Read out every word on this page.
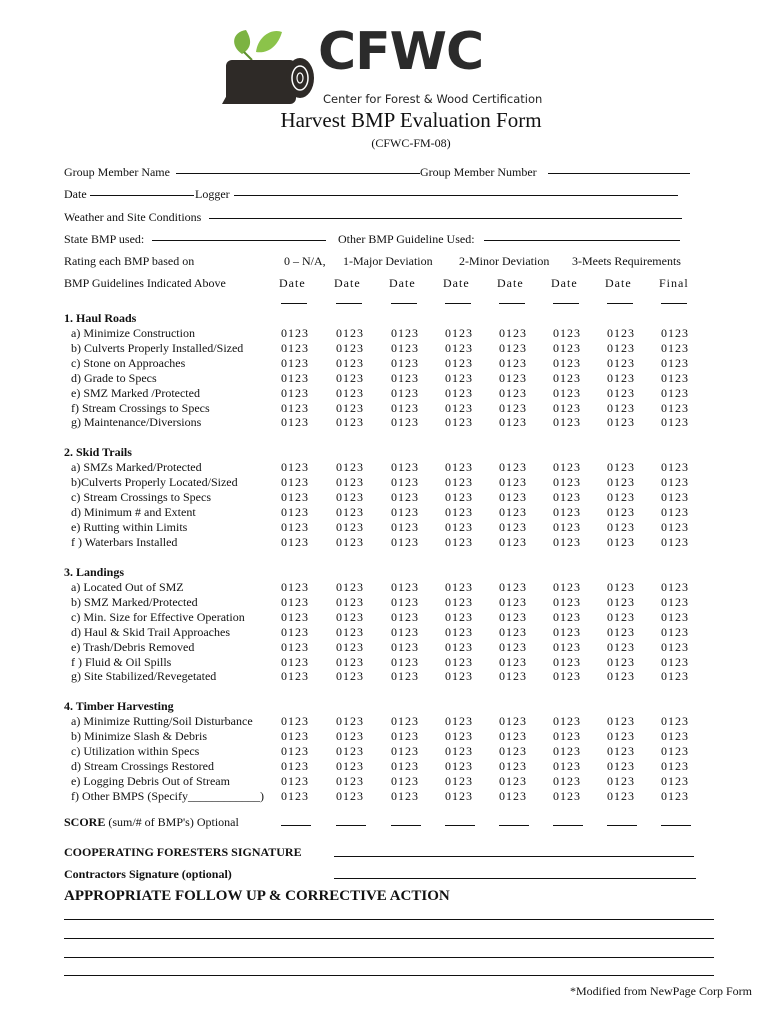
CFWC
Center for Forest & Wood Certification
Harvest BMP Evaluation Form
(CFWC-FM-08)
Group Member Name	Group Member Number
Date	Logger
Weather and Site Conditions
State BMP used:	Other BMP Guideline Used:
Rating each BMP based on	0 – N/A, 1-Major Deviation 2-Minor Deviation 3-Meets Requirements
BMP Guidelines Indicated Above	Date Date Date Date Date Date Date Final
1. Haul Roads
a) Minimize Construction	0123 0123 0123 0123 0123 0123 0123 0123
b) Culverts Properly Installed/Sized	0123 0123 0123 0123 0123 0123 0123 0123
c) Stone on Approaches	0123 0123 0123 0123 0123 0123 0123 0123
d) Grade to Specs	0123 0123 0123 0123 0123 0123 0123 0123
e) SMZ Marked /Protected	0123 0123 0123 0123 0123 0123 0123 0123
f) Stream Crossings to Specs	0123 0123 0123 0123 0123 0123 0123 0123
g) Maintenance/Diversions	0123 0123 0123 0123 0123 0123 0123 0123
2. Skid Trails
a) SMZs Marked/Protected	0123 0123 0123 0123 0123 0123 0123 0123
b)Culverts Properly Located/Sized	0123 0123 0123 0123 0123 0123 0123 0123
c) Stream Crossings to Specs	0123 0123 0123 0123 0123 0123 0123 0123
d) Minimum # and Extent	0123 0123 0123 0123 0123 0123 0123 0123
e) Rutting within Limits	0123 0123 0123 0123 0123 0123 0123 0123
f ) Waterbars Installed	0123 0123 0123 0123 0123 0123 0123 0123
3. Landings
a) Located Out of SMZ	0123 0123 0123 0123 0123 0123 0123 0123
b) SMZ Marked/Protected	0123 0123 0123 0123 0123 0123 0123 0123
c) Min. Size for Effective Operation	0123 0123 0123 0123 0123 0123 0123 0123
d) Haul & Skid Trail Approaches	0123 0123 0123 0123 0123 0123 0123 0123
e) Trash/Debris Removed	0123 0123 0123 0123 0123 0123 0123 0123
f ) Fluid & Oil Spills	0123 0123 0123 0123 0123 0123 0123 0123
g) Site Stabilized/Revegetated	0123 0123 0123 0123 0123 0123 0123 0123
4. Timber Harvesting
a) Minimize Rutting/Soil Disturbance 0123 0123 0123 0123 0123 0123 0123 0123
b) Minimize Slash & Debris	0123 0123 0123 0123 0123 0123 0123 0123
c) Utilization within Specs	0123 0123 0123 0123 0123 0123 0123 0123
d) Stream Crossings Restored	0123 0123 0123 0123 0123 0123 0123 0123
e) Logging Debris Out of Stream	0123 0123 0123 0123 0123 0123 0123 0123
f) Other BMPS (Specify____________) 0123 0123 0123 0123 0123 0123 0123 0123
SCORE (sum/# of BMP's) Optional
COOPERATING FORESTERS SIGNATURE
Contractors Signature (optional)
APPROPRIATE FOLLOW UP & CORRECTIVE ACTION
*Modified from NewPage Corp Form
